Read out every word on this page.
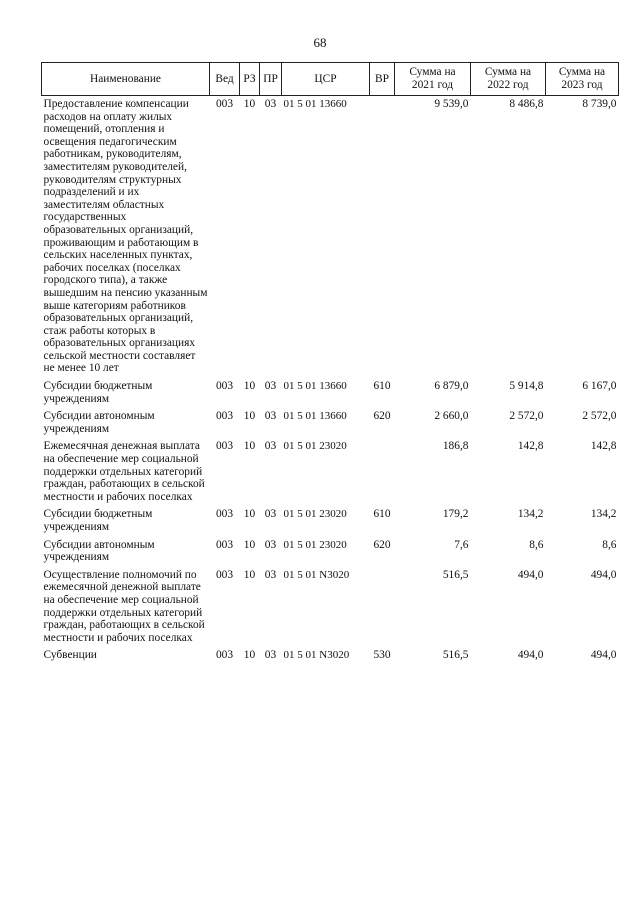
68
Наименование	Вед	РЗ	ПР	ЦСР	ВР	Сумма на 2021 год	Сумма на 2022 год	Сумма на 2023 год
Предоставление компенсации расходов на оплату жилых помещений, отопления и освещения педагогическим работникам, руководителям, заместителям руководителей, руководителям структурных подразделений и их заместителям областных государственных образовательных организаций, проживающим и работающим в сельских населенных пунктах, рабочих поселках (поселках городского типа), а также вышедшим на пенсию указанным выше категориям работников образовательных организаций, стаж работы которых в образовательных организациях сельской местности составляет не менее 10 лет	003	10	03	01 5 01 13660		9 539,0	8 486,8	8 739,0
Субсидии бюджетным учреждениям	003	10	03	01 5 01 13660	610	6 879,0	5 914,8	6 167,0
Субсидии автономным учреждениям	003	10	03	01 5 01 13660	620	2 660,0	2 572,0	2 572,0
Ежемесячная денежная выплата на обеспечение мер социальной поддержки отдельных категорий граждан, работающих в сельской местности и рабочих поселках	003	10	03	01 5 01 23020		186,8	142,8	142,8
Субсидии бюджетным учреждениям	003	10	03	01 5 01 23020	610	179,2	134,2	134,2
Субсидии автономным учреждениям	003	10	03	01 5 01 23020	620	7,6	8,6	8,6
Осуществление полномочий по ежемесячной денежной выплате на обеспечение мер социальной поддержки отдельных категорий граждан, работающих в сельской местности и рабочих поселках	003	10	03	01 5 01 N3020		516,5	494,0	494,0
Субвенции	003	10	03	01 5 01 N3020	530	516,5	494,0	494,0
